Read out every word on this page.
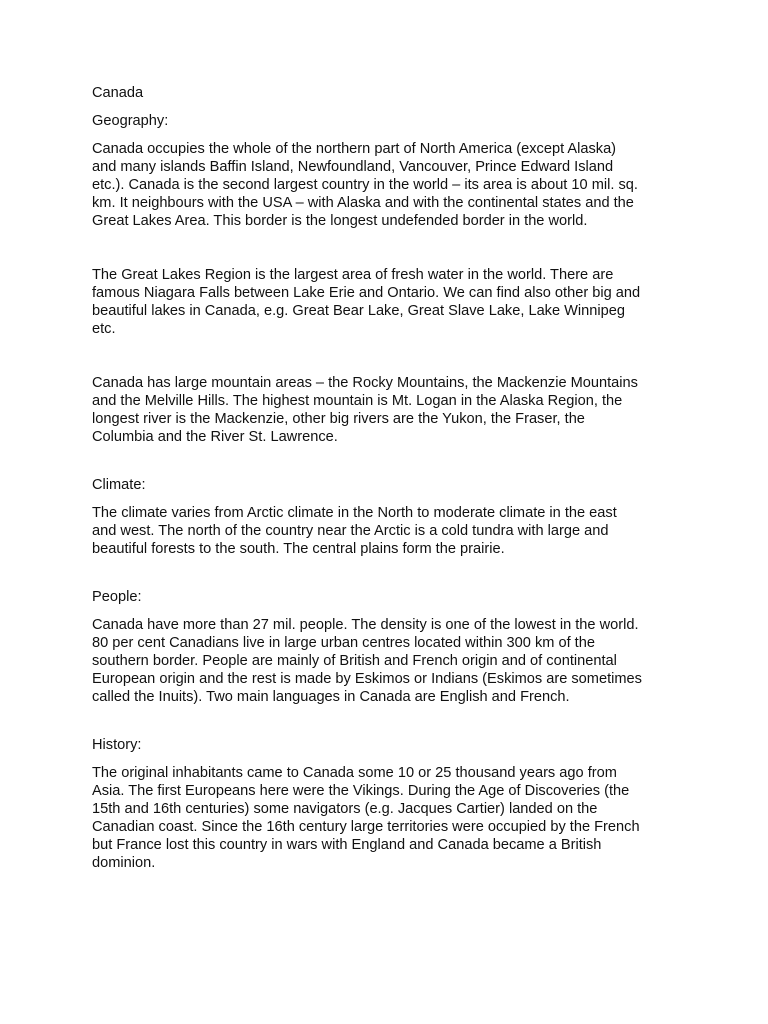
Canada

Geography:

Canada occupies the whole of the northern part of North America (except Alaska)
and many islands Baffin Island, Newfoundland, Vancouver, Prince Edward Island
etc.). Canada is the second largest country in the world – its area is about 10 mil. sq.
km. It neighbours with the USA – with Alaska and with the continental states and the
Great Lakes Area. This border is the longest undefended border in the world.

The Great Lakes Region is the largest area of fresh water in the world. There are
famous Niagara Falls between Lake Erie and Ontario. We can find also other big and
beautiful lakes in Canada, e.g. Great Bear Lake, Great Slave Lake, Lake Winnipeg
etc.

Canada has large mountain areas – the Rocky Mountains, the Mackenzie Mountains
and the Melville Hills. The highest mountain is Mt. Logan in the Alaska Region, the
longest river is the Mackenzie, other big rivers are the Yukon, the Fraser, the
Columbia and the River St. Lawrence.

Climate:

The climate varies from Arctic climate in the North to moderate climate in the east
and west. The north of the country near the Arctic is a cold tundra with large and
beautiful forests to the south. The central plains form the prairie.

People:

Canada have more than 27 mil. people. The density is one of the lowest in the world.
80 per cent Canadians live in large urban centres located within 300 km of the
southern border. People are mainly of British and French origin and of continental
European origin and the rest is made by Eskimos or Indians (Eskimos are sometimes
called the Inuits). Two main languages in Canada are English and French.

History:

The original inhabitants came to Canada some 10 or 25 thousand years ago from
Asia. The first Europeans here were the Vikings. During the Age of Discoveries (the
15th and 16th centuries) some navigators (e.g. Jacques Cartier) landed on the
Canadian coast. Since the 16th century large territories were occupied by the French
but France lost this country in wars with England and Canada became a British
dominion.
